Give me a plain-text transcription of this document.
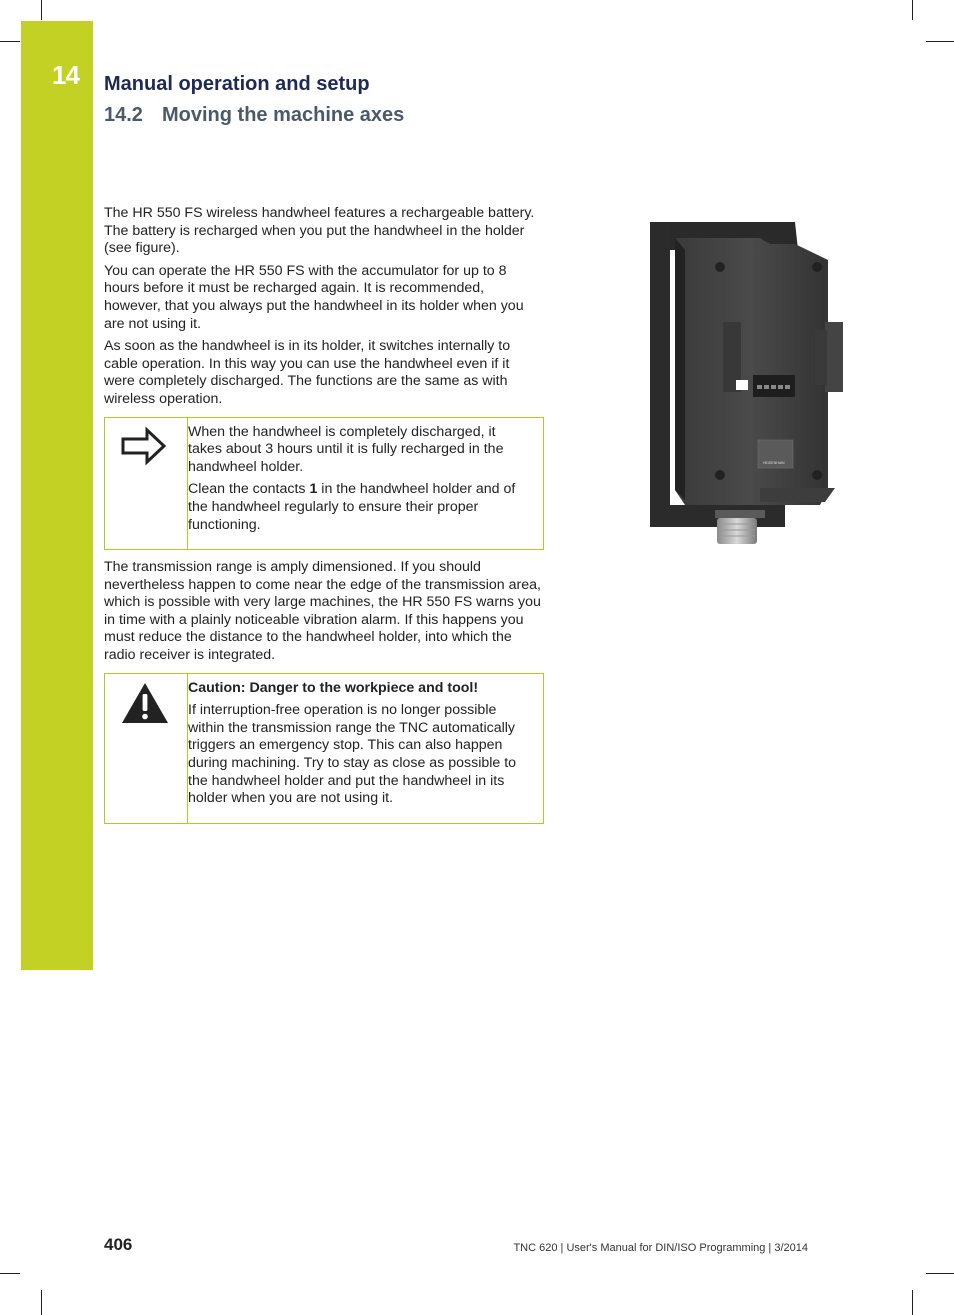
14 Manual operation and setup
14.2 Moving the machine axes

The HR 550 FS wireless handwheel features a rechargeable battery. The battery is recharged when you put the handwheel in the holder (see figure).

You can operate the HR 550 FS with the accumulator for up to 8 hours before it must be recharged again. It is recommended, however, that you always put the handwheel in its holder when you are not using it.

As soon as the handwheel is in its holder, it switches internally to cable operation. In this way you can use the handwheel even if it were completely discharged. The functions are the same as with wireless operation.

When the handwheel is completely discharged, it takes about 3 hours until it is fully recharged in the handwheel holder.

Clean the contacts 1 in the handwheel holder and of the handwheel regularly to ensure their proper functioning.

The transmission range is amply dimensioned. If you should nevertheless happen to come near the edge of the transmission area, which is possible with very large machines, the HR 550 FS warns you in time with a plainly noticeable vibration alarm. If this happens you must reduce the distance to the handwheel holder, into which the radio receiver is integrated.

Caution: Danger to the workpiece and tool!

If interruption-free operation is no longer possible within the transmission range the TNC automatically triggers an emergency stop. This can also happen during machining. Try to stay as close as possible to the handwheel holder and put the handwheel in its holder when you are not using it.

HEIDENHAIN
406	TNC 620 | User's Manual for DIN/ISO Programming | 3/2014
